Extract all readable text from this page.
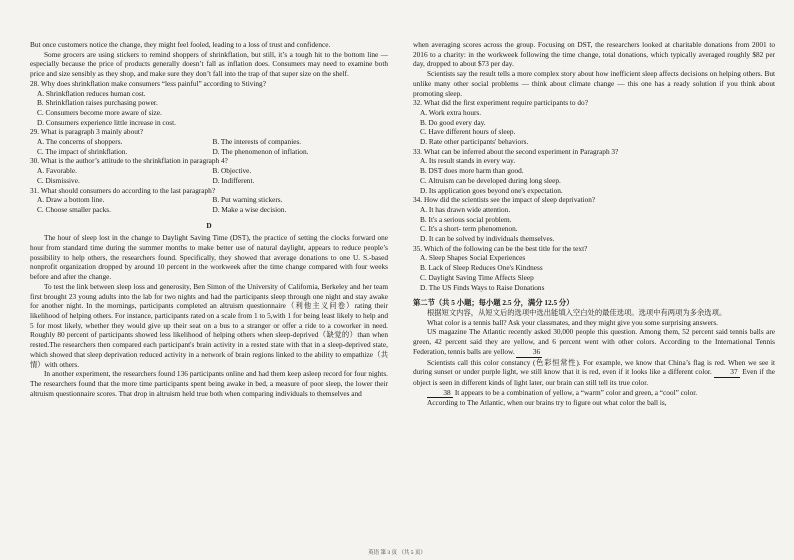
But once customers notice the change, they might feel fooled, leading to a loss of trust and confidence.

Some grocers are using stickers to remind shoppers of shrinkflation, but still, it’s a tough hit to the bottom line — especially because the price of products generally doesn’t fall as inflation does. Consumers may need to examine both price and size sensibly as they shop, and make sure they don’t fall into the trap of that super size on the shelf.

28. Why does shrinkflation make consumers “less painful” according to Stiving?

A. Shrinkflation reduces human cost.

B. Shrinkflation raises purchasing power.

C. Consumers become more aware of size.

D. Consumers experience little increase in cost.

29. What is paragraph 3 mainly about?

A. The concerns of shoppers.	B. The interests of companies.
C. The impact of shrinkflation.	D. The phenomenon of inflation.

30. What is the author’s attitude to the shrinkflation in paragraph 4?

A. Favorable.	B. Objective.
C. Dismissive.	D. Indifferent.

31. What should consumers do according to the last paragraph?

A. Draw a bottom line.	B. Put warning stickers.
C. Choose smaller packs.	D. Make a wise decision.

D

The hour of sleep lost in the change to Daylight Saving Time (DST), the practice of setting the clocks forward one hour from standard time during the summer months to make better use of natural daylight, appears to reduce people’s possibility to help others, the researchers found. Specifically, they showed that average donations to one U. S.-based nonprofit organization dropped by around 10 percent in the workweek after the time change compared with four weeks before and after the change.

To test the link between sleep loss and generosity, Ben Simon of the University of California, Berkeley and her team first brought 23 young adults into the lab for two nights and had the participants sleep through one night and stay awake for another night. In the mornings, participants completed an altruism questionnaire（利他主义问卷）rating their likelihood of helping others. For instance, participants rated on a scale from 1 to 5,with 1 for being least likely to help and 5 for most likely, whether they would give up their seat on a bus to a stranger or offer a ride to a coworker in need. Roughly 80 percent of participants showed less likelihood of helping others when sleep-deprived（缺觉的）than when rested.The researchers then compared each participant's brain activity in a rested state with that in a sleep-deprived state, which showed that sleep deprivation reduced activity in a network of brain regions linked to the ability to empathize（共情）with others.

In another experiment, the researchers found 136 participants online and had them keep asleep record for four nights. The researchers found that the more time participants spent being awake in bed, a measure of poor sleep, the lower their altruism questionnaire scores. That drop in altruism held true both when comparing individuals to themselves and

when averaging scores across the group. Focusing on DST, the researchers looked at charitable donations from 2001 to 2016 to a charity: in the workweek following the time change, total donations, which typically averaged roughly $82 per day, dropped to about $73 per day.

Scientists say the result tells a more complex story about how inefficient sleep affects decisions on helping others. But unlike many other social problems — think about climate change — this one has a ready solution if you think about promoting sleep.

32. What did the first experiment require participants to do?

A. Work extra hours.

B. Do good every day.

C. Have different hours of sleep.

D. Rate other participants' behaviors.

33. What can be inferred about the second experiment in Paragraph 3?

A. Its result stands in every way.

B. DST does more harm than good.

C. Altruism can be developed during long sleep.

D. Its application goes beyond one's expectation.

34. How did the scientists see the impact of sleep deprivation?

A. It has drawn wide attention.

B. It's a serious social problem.

C. It's a short- term phenomenon.

D. It can be solved by individuals themselves.

35. Which of the following can be the best title for the text?

A. Sleep Shapes Social Experiences

B. Lack of Sleep Reduces One's Kindness

C. Daylight Saving Time Affects Sleep

D. The US Finds Ways to Raise Donations

第二节（共 5 小题；每小题 2.5 分，满分 12.5 分）

根据短文内容，从短文后的选项中选出能填入空白处的最佳选项。选项中有两项为多余选项。

What color is a tennis ball? Ask your classmates, and they might give you some surprising answers.

US magazine The Atlantic recently asked 30,000 people this question. Among them, 52 percent said tennis balls are green, 42 percent said they are yellow, and 6 percent went with other colors. According to the International Tennis Federation, tennis balls are yellow. 36

Scientists call this color constancy (色彩恒常性). For example, we know that China’s flag is red. When we see it during sunset or under purple light, we still know that it is red, even if it looks like a different color.	37 Even if the object is seen in different kinds of light later, our brain can still tell its true color.

38 It appears to be a combination of yellow, a “warm” color and green, a “cool” color.

According to The Atlantic, when our brains try to figure out what color the ball is,

英语 第 3 页 （共 5 页）
